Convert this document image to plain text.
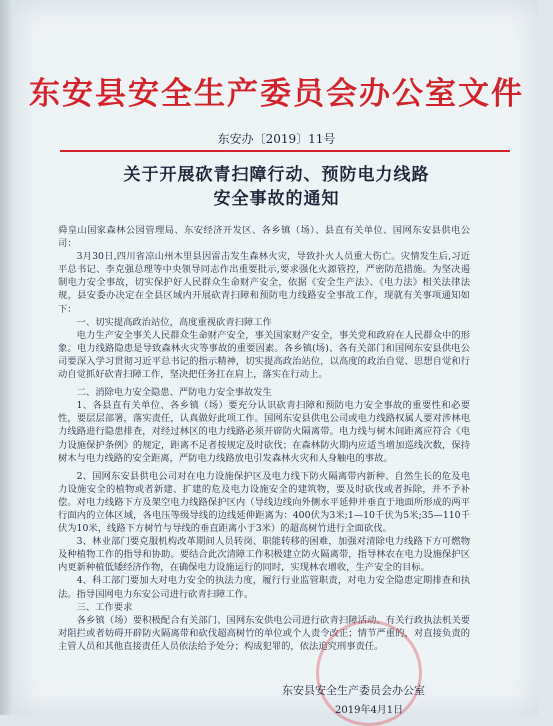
东安县安全生产委员会办公室文件
东安办〔2019〕11号
关于开展砍青扫障行动、预防电力线路
安全事故的通知

舜皇山国家森林公园管理局、东安经济开发区、各乡镇（场）、县直有关单位、国网东安县供电公司：

3月30日,四川省凉山州木里县因雷击发生森林火灾，导致扑火人员重大伤亡。灾情发生后,习近平总书记、李克强总理等中央领导同志作出重要批示,要求强化火源管控，严密防范措施。为坚决遏制电力安全事故，切实保护好人民群众生命财产安全，依据《安全生产法》、《电力法》相关法律法规，县安委办决定在全县区域内开展砍青扫障和预防电力线路安全事故工作，现就有关事项通知如下：

一、切实提高政治站位，高度重视砍青扫障工作

电力生产安全事关人民群众生命财产安全，事关国家财产安全，事关党和政府在人民群众中的形象。电力线路隐患是导致森林火灾等事故的重要因素。各乡镇(场)、各有关部门和国网东安县供电公司要深入学习贯彻习近平总书记的指示精神，切实提高政治站位，以高度的政治自觉、思想自觉和行动自觉抓好砍青扫障工作，坚决把任务扛在肩上，落实在行动上。

二、消除电力安全隐患、严防电力安全事故发生

1、各县直有关单位、各乡镇（场）要充分认识砍青扫障和预防电力安全事故的重要性和必要性，要层层部署，落实责任，认真做好此项工作。国网东安县供电公司或电力线路权属人要对涉林电力线路进行隐患排查，对经过林区的电力线路必须开辟防火隔离带。电力线与树木间距离应符合《电力设施保护条例》的规定，距离不足者按规定及时砍伐；在森林防火期内应适当增加巡线次数，保持树木与电力线路的安全距离，严防电力线路放电引发森林火灾和人身触电的事故。

2、国网东安县供电公司对在电力设施保护区及电力线下防火隔离带内新种、自然生长的危及电力设施安全的植物或者新建、扩建的危及电力设施安全的建筑物，要及时砍伐或者拆除，并不予补偿。对电力线路下方及架空电力线路保护区内（导线边线向外侧水平延伸并垂直于地面所形成的两平行面内的立体区域，各电压等级导线的边线延伸距离为：400伏为3米;1—10千伏为5米;35—110千伏为10米，线路下方树竹与导线的垂直距离小于3米）的超高树竹进行全面砍伐。

3、林业部门要克服机构改革期间人员转岗、职能转移的困难，加强对清除电力线路下方可燃物及种植物工作的指导和协助。要结合此次清障工作积极建立防火隔离带，指导林农在电力设施保护区内更新种植低矮经济作物，在确保电力设施运行的同时，实现林农增收，生产安全的目标。

4、科工部门要加大对电力安全的执法力度，履行行业监管职责，对电力安全隐患定期排查和执法。指导国网电力东安公司进行砍青扫障工作。

三、工作要求

各乡镇（场）要积极配合有关部门、国网东安供电公司进行砍青扫障活动。有关行政执法机关要对阻拦或者妨碍开辟防火隔离带和砍伐超高树竹的单位或个人责令改正；情节严重的，对直接负责的主管人员和其他直接责任人员依法给予处分；构成犯罪的，依法追究刑事责任。

东安县安全生产委员会办公室
2019年4月1日
